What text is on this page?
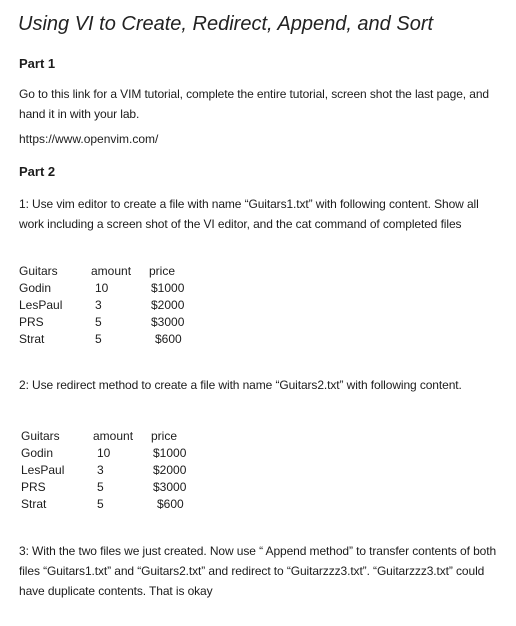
Using VI to Create, Redirect, Append, and Sort
Part 1

Go to this link for a VIM tutorial, complete the entire tutorial, screen shot the last page, and hand it in with your lab.

https://www.openvim.com/
Part 2

1: Use vim editor to create a file with name “Guitars1.txt” with following content. Show all work including a screen shot of the VI editor, and the cat command of completed files

Guitars	amount	price
Godin	10	$1000
LesPaul	3	$2000
PRS	5	$3000
Strat	5	$600

2: Use redirect method to create a file with name “Guitars2.txt” with following content.

Guitars	amount	price
Godin	10	$1000
LesPaul	3	$2000
PRS	5	$3000
Strat	5	$600

3: With the two files we just created. Now use “ Append method” to transfer contents of both files “Guitars1.txt” and “Guitars2.txt” and redirect to “Guitarzzz3.txt”. “Guitarzzz3.txt” could have duplicate contents. That is okay
